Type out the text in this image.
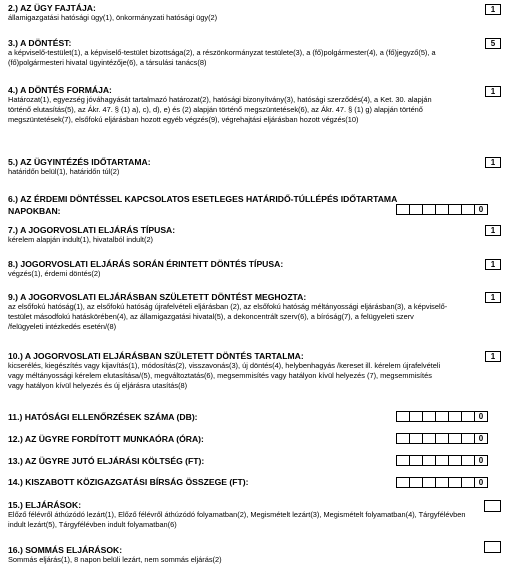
2.) AZ ÜGY FAJTÁJA:
államigazgatási hatósági ügy(1), önkormányzati hatósági ügy(2)
1
3.) A DÖNTÉST:
a képviselő-testület(1), a képviselő-testület bizottsága(2), a részönkormányzat testülete(3), a (fő)polgármester(4), a (fő)jegyző(5), a (fő)polgármesteri hivatal ügyintézője(6), a társulási tanács(8)
5
4.) A DÖNTÉS FORMÁJA:
Határozat(1), egyezség jóváhagyását tartalmazó határozat(2), hatósági bizonyítvány(3), hatósági szerződés(4), a Ket. 30. alapján történő elutasítás(5), az Ákr. 47. § (1) a), c), d), e) és (2) alapján történő megszüntetések(6), az Ákr. 47. § (1) g) alapján történő megszüntetések(7), elsőfokú eljárásban hozott egyéb végzés(9), végrehajtási eljárásban hozott végzés(10)
1
5.) AZ ÜGYINTÉZÉS IDŐTARTAMA:
határidőn belül(1), határidőn túl(2)
1
6.) AZ ÉRDEMI DÖNTÉSSEL KAPCSOLATOS ESETLEGES HATÁRIDŐ-TÚLLÉPÉS IDŐTARTAMA NAPOKBAN:	0
7.) A JOGORVOSLATI ELJÁRÁS TÍPUSA:
kérelem alapján indult(1), hivatalból indult(2)
1
8.) JOGORVOSLATI ELJÁRÁS SORÁN ÉRINTETT DÖNTÉS TÍPUSA:
végzés(1), érdemi döntés(2)
1
9.) A JOGORVOSLATI ELJÁRÁSBAN SZÜLETETT DÖNTÉST MEGHOZTA:
az elsőfokú hatóság(1), az elsőfokú hatóság újrafelvételi eljárásban (2), az elsőfokú hatóság méltányossági eljárásban(3), a képviselő-testület másodfokú hatáskörében(4), az államigazgatási hivatal(5), a dekoncentrált szerv(6), a bíróság(7), a felügyeleti szerv /felügyeleti intézkedés esetén/(8)
1
10.) A JOGORVOSLATI ELJÁRÁSBAN SZÜLETETT DÖNTÉS TARTALMA:
kicserélés, kiegészítés vagy kijavítás(1), módosítás(2), visszavonás(3), új döntés(4), helybenhagyás /kereset ill. kérelem újrafelvételi vagy méltányossági kérelem elutasítása/(5), megváltoztatás(6), megsemmisítés vagy hatályon kívül helyezés (7), megsemmisítés vagy hatályon kívül helyezés és új eljárásra utasítás(8)
1
11.) HATÓSÁGI ELLENŐRZÉSEK SZÁMA (DB):	0
12.) AZ ÜGYRE FORDÍTOTT MUNKAÓRA (ÓRA):	0
13.) AZ ÜGYRE JUTÓ ELJÁRÁSI KÖLTSÉG (FT):	0
14.) KISZABOTT KÖZIGAZGATÁSI BÍRSÁG ÖSSZEGE (FT):	0
15.) ELJÁRÁSOK:
Előző félévről áthúzódó lezárt(1), Előző félévről áthúzódó folyamatban(2), Megismételt lezárt(3), Megismételt folyamatban(4), Tárgyfélévben indult lezárt(5), Tárgyfélévben indult folyamatban(6)
16.) SOMMÁS ELJÁRÁSOK:
Sommás eljárás(1), 8 napon belüli lezárt, nem sommás eljárás(2)
